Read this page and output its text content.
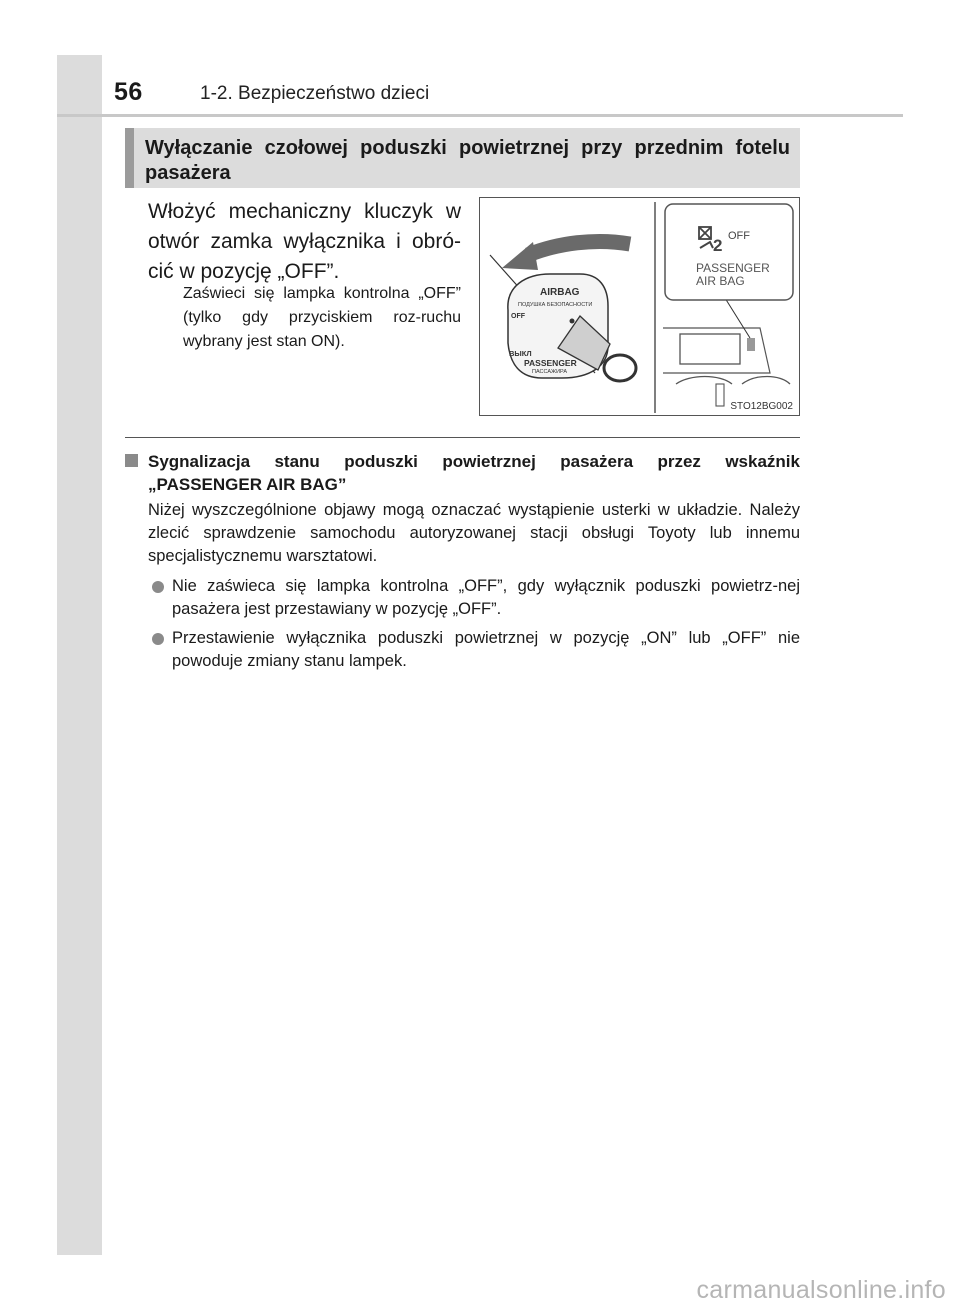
56	1-2. Bezpieczeństwo dzieci
Wyłączanie czołowej poduszki powietrznej przy przednim fotelu pasażera
Włożyć mechaniczny kluczyk w otwór zamka wyłącznika i obró-cić w pozycję „OFF”.
Zaświeci się lampka kontrolna „OFF” (tylko gdy przyciskiem roz-ruchu wybrany jest stan ON).
AIRBAG
ПОДУШКА БЕЗОПАСНОСТИ
OFF
ВЫКЛ
PASSENGER
ПАССАЖИРА
2 OFF
PASSENGER
AIR BAG
STO12BG002
Sygnalizacja stanu poduszki powietrznej pasażera przez wskaźnik „PASSENGER AIR BAG”
Niżej wyszczególnione objawy mogą oznaczać wystąpienie usterki w układzie. Należy zlecić sprawdzenie samochodu autoryzowanej stacji obsługi Toyoty lub innemu specjalistycznemu warsztatowi.
Nie zaświeca się lampka kontrolna „OFF”, gdy wyłącznik poduszki powietrz-nej pasażera jest przestawiany w pozycję „OFF”.
Przestawienie wyłącznika poduszki powietrznej w pozycję „ON” lub „OFF” nie powoduje zmiany stanu lampek.
carmanualsonline.info
